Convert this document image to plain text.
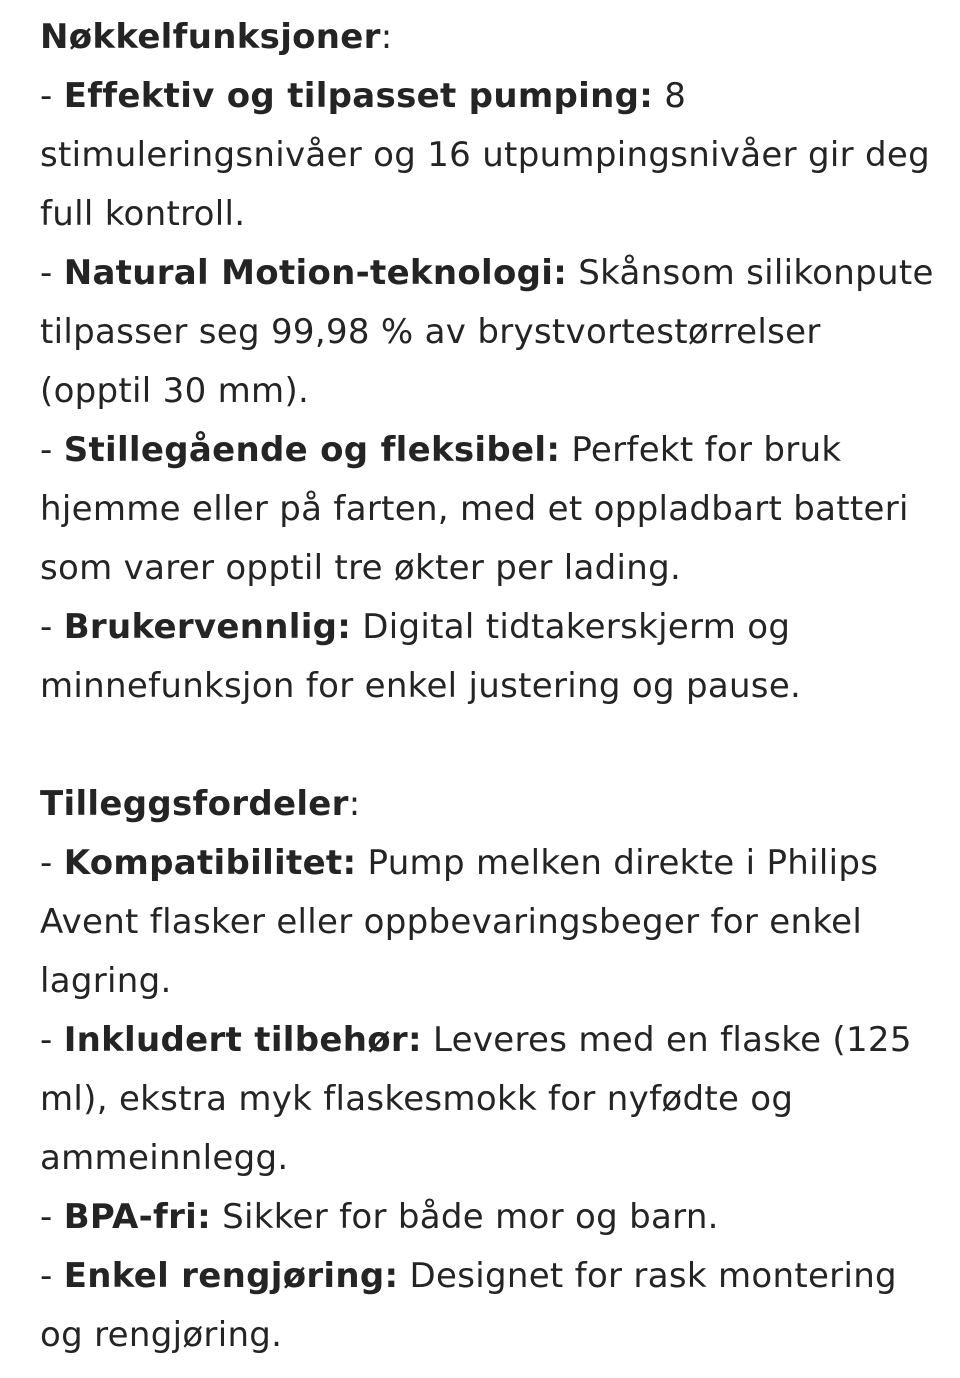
Nøkkelfunksjoner:

- Effektiv og tilpasset pumping: 8 stimuleringsnivåer og 16 utpumpingsnivåer gir deg full kontroll.

- Natural Motion-teknologi: Skånsom silikonpute tilpasser seg 99,98 % av brystvortestørrelser (opptil 30 mm).

- Stillegående og fleksibel: Perfekt for bruk hjemme eller på farten, med et oppladbart batteri som varer opptil tre økter per lading.

- Brukervennlig: Digital tidtakerskjerm og minnefunksjon for enkel justering og pause.

Tilleggsfordeler:

- Kompatibilitet: Pump melken direkte i Philips Avent flasker eller oppbevaringsbeger for enkel lagring.

- Inkludert tilbehør: Leveres med en flaske (125 ml), ekstra myk flaskesmokk for nyfødte og ammeinnlegg.

- BPA-fri: Sikker for både mor og barn.

- Enkel rengjøring: Designet for rask montering og rengjøring.
